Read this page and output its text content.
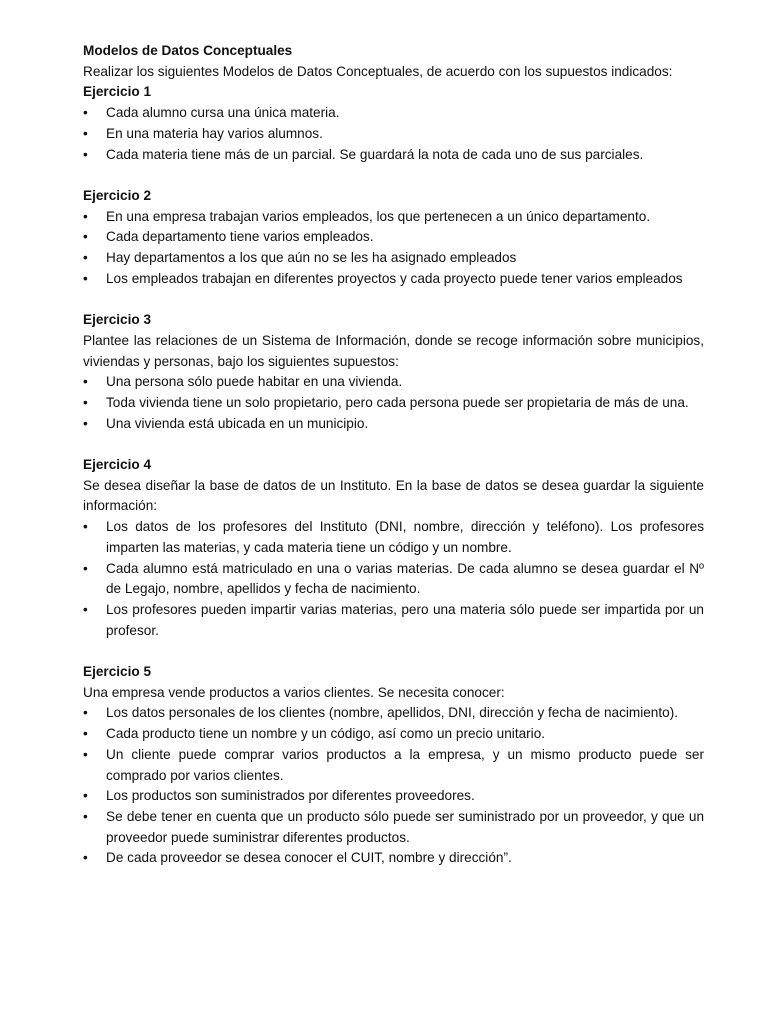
Modelos de Datos Conceptuales
Realizar los siguientes Modelos de Datos Conceptuales, de acuerdo con los supuestos indicados:
Ejercicio 1
•	Cada alumno cursa una única materia.
•	En una materia hay varios alumnos.
•	Cada materia tiene más de un parcial. Se guardará la nota de cada uno de sus parciales.
Ejercicio 2
•	En una empresa trabajan varios empleados, los que pertenecen a un único departamento.
•	Cada departamento tiene varios empleados.
•	Hay departamentos a los que aún no se les ha asignado empleados
•	Los empleados trabajan en diferentes proyectos y cada proyecto puede tener varios empleados
Ejercicio 3
Plantee las relaciones de un Sistema de Información, donde se recoge información sobre municipios, viviendas y personas, bajo los siguientes supuestos:
•	Una persona sólo puede habitar en una vivienda.
•	Toda vivienda tiene un solo propietario, pero cada persona puede ser propietaria de más de una.
•	Una vivienda está ubicada en un municipio.
Ejercicio 4
Se desea diseñar la base de datos de un Instituto. En la base de datos se desea guardar la siguiente información:
•	Los datos de los profesores del Instituto (DNI, nombre, dirección y teléfono). Los profesores imparten las materias, y cada materia tiene un código y un nombre.
•	Cada alumno está matriculado en una o varias materias. De cada alumno se desea guardar el Nº de Legajo, nombre, apellidos y fecha de nacimiento.
•	Los profesores pueden impartir varias materias, pero una materia sólo puede ser impartida por un profesor.
Ejercicio 5
Una empresa vende productos a varios clientes. Se necesita conocer:
•	Los datos personales de los clientes (nombre, apellidos, DNI, dirección y fecha de nacimiento).
•	Cada producto tiene un nombre y un código, así como un precio unitario.
•	Un cliente puede comprar varios productos a la empresa, y un mismo producto puede ser comprado por varios clientes.
•	Los productos son suministrados por diferentes proveedores.
•	Se debe tener en cuenta que un producto sólo puede ser suministrado por un proveedor, y que un proveedor puede suministrar diferentes productos.
•	De cada proveedor se desea conocer el CUIT, nombre y dirección”.
